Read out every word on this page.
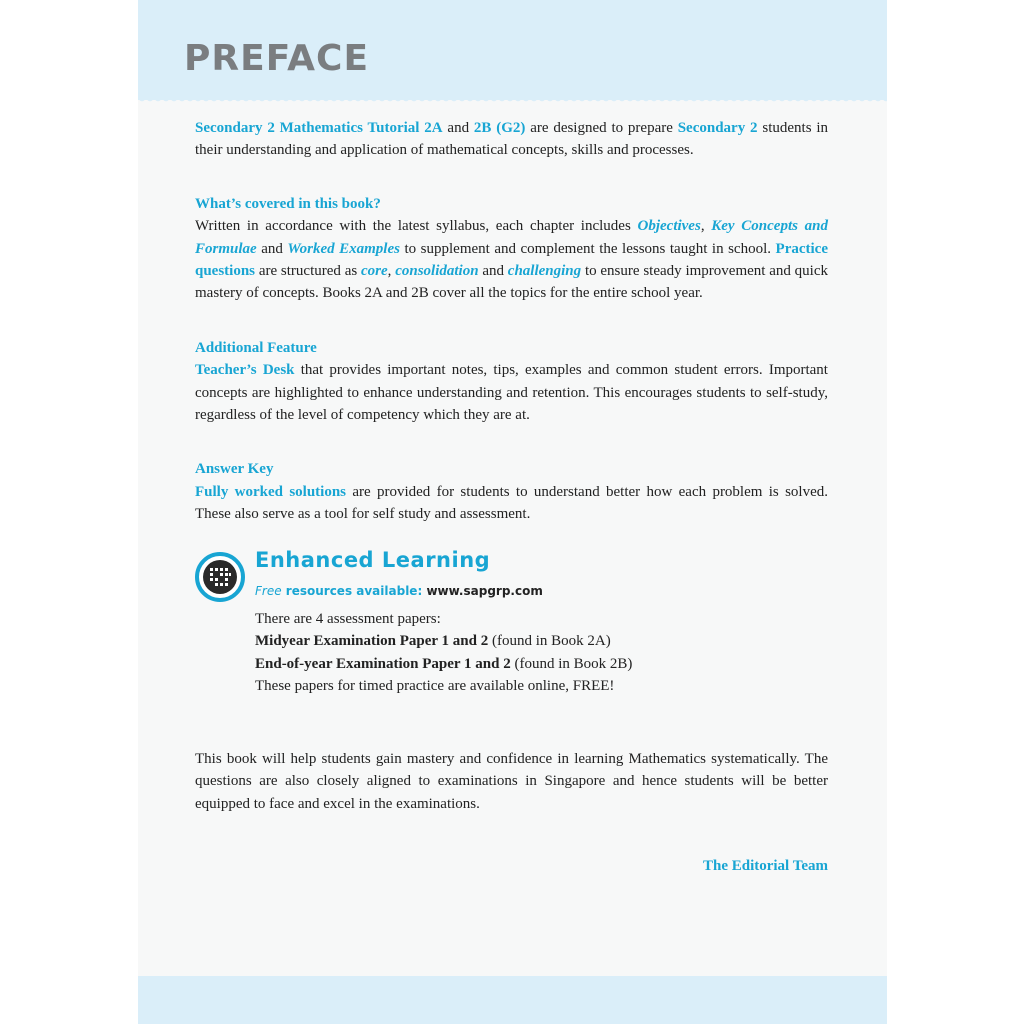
PREFACE

Secondary 2 Mathematics Tutorial 2A and 2B (G2) are designed to prepare Secondary 2 students in their understanding and application of mathematical concepts, skills and processes.

What’s covered in this book?

Written in accordance with the latest syllabus, each chapter includes Objectives, Key Concepts and Formulae and Worked Examples to supplement and complement the lessons taught in school. Practice questions are structured as core, consolidation and challenging to ensure steady improvement and quick mastery of concepts. Books 2A and 2B cover all the topics for the entire school year.

Additional Feature

Teacher’s Desk that provides important notes, tips, examples and common student errors. Important concepts are highlighted to enhance understanding and retention. This encourages students to self-study, regardless of the level of competency which they are at.

Answer Key

Fully worked solutions are provided for students to understand better how each problem is solved. These also serve as a tool for self study and assessment.

Enhanced Learning

Free resources available: www.sapgrp.com

There are 4 assessment papers:
Midyear Examination Paper 1 and 2 (found in Book 2A)
End-of-year Examination Paper 1 and 2 (found in Book 2B)
These papers for timed practice are available online, FREE!

This book will help students gain mastery and confidence in learning Mathematics systematically. The questions are also closely aligned to examinations in Singapore and hence students will be better equipped to face and excel in the examinations.

The Editorial Team
